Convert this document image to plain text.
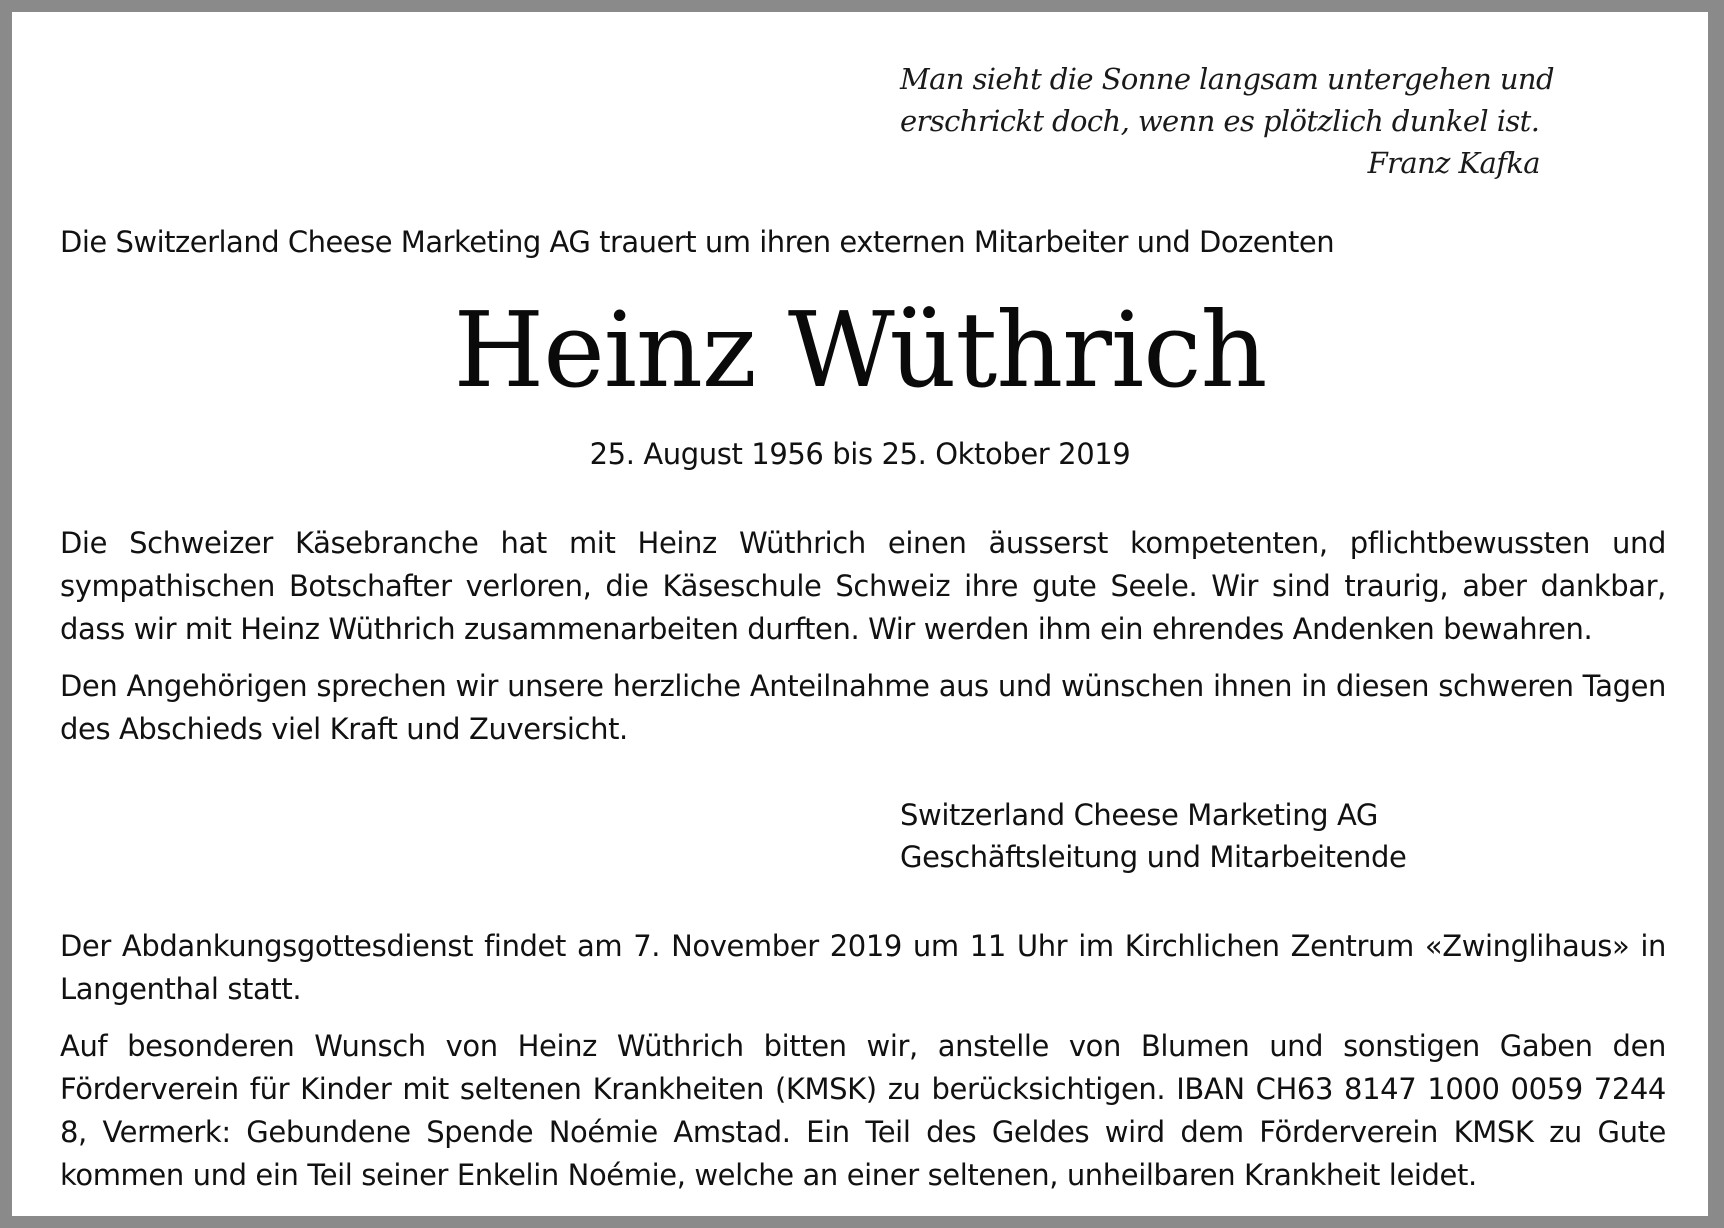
Man sieht die Sonne langsam untergehen und
erschrickt doch, wenn es plötzlich dunkel ist.
Franz Kafka
Die Switzerland Cheese Marketing AG trauert um ihren externen Mitarbeiter und Dozenten
Heinz Wüthrich
25. August 1956 bis 25. Oktober 2019

Die Schweizer Käsebranche hat mit Heinz Wüthrich einen äusserst kompetenten, pflichtbewussten und sympathischen Botschafter verloren, die Käseschule Schweiz ihre gute Seele. Wir sind traurig, aber dankbar, dass wir mit Heinz Wüthrich zusammenarbeiten durften. Wir werden ihm ein ehrendes Andenken bewahren.

Den Angehörigen sprechen wir unsere herzliche Anteilnahme aus und wünschen ihnen in diesen schweren Tagen des Abschieds viel Kraft und Zuversicht.

Switzerland Cheese Marketing AG
Geschäftsleitung und Mitarbeitende

Der Abdankungsgottesdienst findet am 7. November 2019 um 11 Uhr im Kirchlichen Zentrum «Zwinglihaus» in Langenthal statt.

Auf besonderen Wunsch von Heinz Wüthrich bitten wir, anstelle von Blumen und sonstigen Gaben den Förderverein für Kinder mit seltenen Krankheiten (KMSK) zu berücksichtigen. IBAN CH63 8147 1000 0059 7244 8, Vermerk: Gebundene Spende Noémie Amstad. Ein Teil des Geldes wird dem Förderverein KMSK zu Gute kommen und ein Teil seiner Enkelin Noémie, welche an einer seltenen, unheilbaren Krankheit leidet.
